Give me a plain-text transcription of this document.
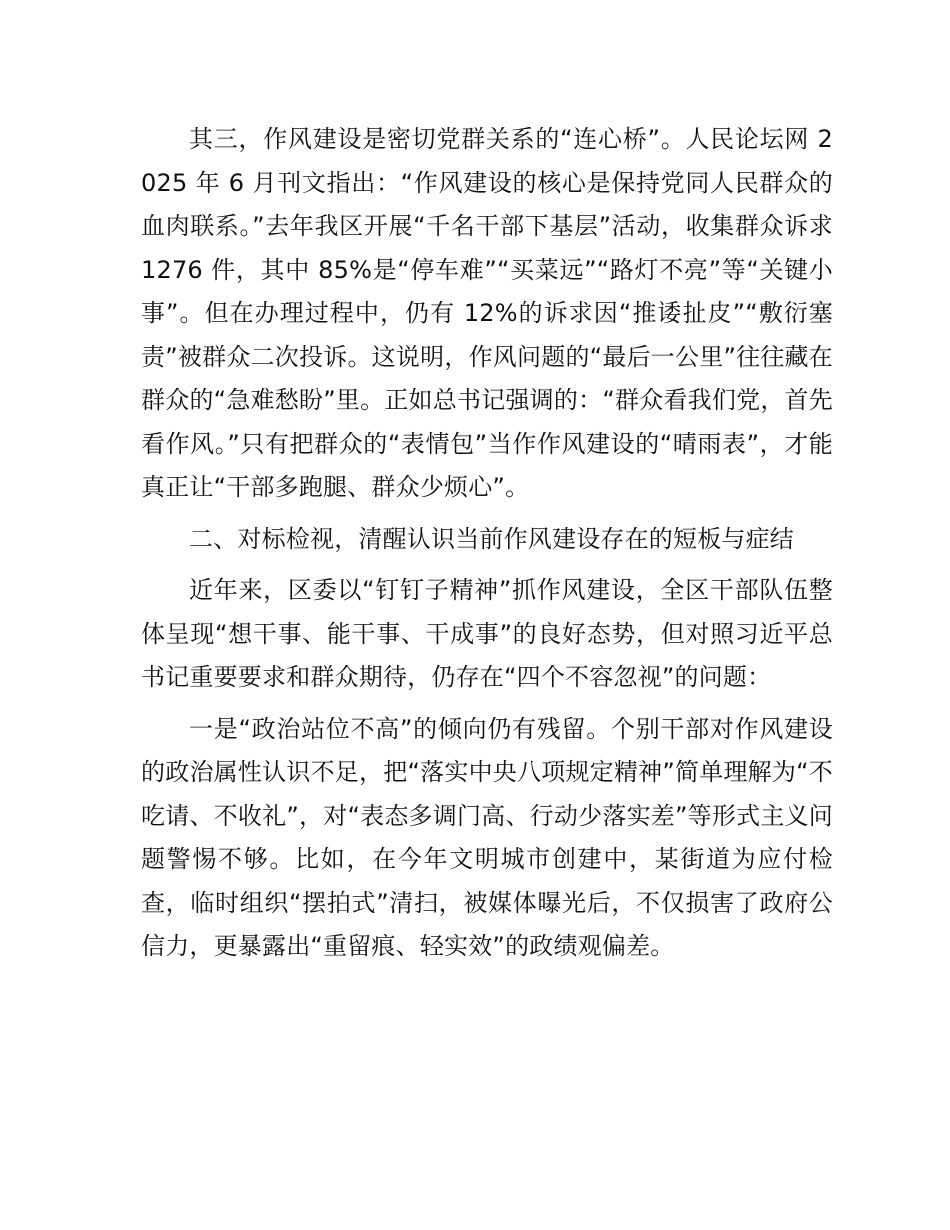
其三，作风建设是密切党群关系的“连心桥”。人民论坛网 2025 年 6 月刊文指出：“作风建设的核心是保持党同人民群众的血肉联系。”去年我区开展“千名干部下基层”活动，收集群众诉求 1276 件，其中 85%是“停车难”“买菜远”“路灯不亮”等“关键小事”。但在办理过程中，仍有 12%的诉求因“推诿扯皮”“敷衍塞责”被群众二次投诉。这说明，作风问题的“最后一公里”往往藏在群众的“急难愁盼”里。正如总书记强调的：“群众看我们党，首先看作风。”只有把群众的“表情包”当作作风建设的“晴雨表”，才能真正让“干部多跑腿、群众少烦心”。

二、对标检视，清醒认识当前作风建设存在的短板与症结

近年来，区委以“钉钉子精神”抓作风建设，全区干部队伍整体呈现“想干事、能干事、干成事”的良好态势，但对照习近平总书记重要要求和群众期待，仍存在“四个不容忽视”的问题：

一是“政治站位不高”的倾向仍有残留。个别干部对作风建设的政治属性认识不足，把“落实中央八项规定精神”简单理解为“不吃请、不收礼”，对“表态多调门高、行动少落实差”等形式主义问题警惕不够。比如，在今年文明城市创建中，某街道为应付检查，临时组织“摆拍式”清扫，被媒体曝光后，不仅损害了政府公信力，更暴露出“重留痕、轻实效”的政绩观偏差。
